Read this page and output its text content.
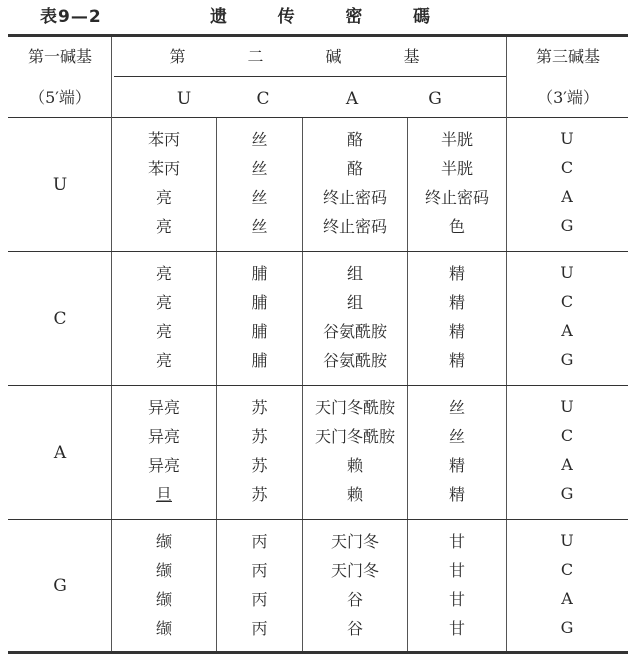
表9—2	遗	传	密	碼
第一碱基
（5′端）
第	二	碱	基
U	C	A	G
第三碱基
（3′端）
U
苯丙	丝	酪	半胱	U
苯丙	丝	酪	半胱	C
亮	丝	终止密码	终止密码	A
亮	丝	终止密码	色	G
C
亮	脯	组	精	U
亮	脯	组	精	C
亮	脯	谷氨酰胺	精	A
亮	脯	谷氨酰胺	精	G
A
异亮	苏	天门冬酰胺	丝	U
异亮	苏	天门冬酰胺	丝	C
异亮	苏	赖	精	A
旦	苏	赖	精	G
G
缬	丙	天门冬	甘	U
缬	丙	天门冬	甘	C
缬	丙	谷	甘	A
缬	丙	谷	甘	G
